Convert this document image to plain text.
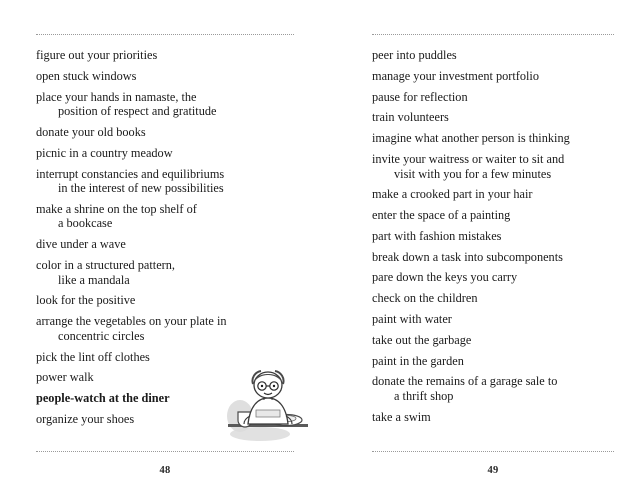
figure out your priorities
open stuck windows
place your hands in namaste, the
position of respect and gratitude
donate your old books
picnic in a country meadow
interrupt constancies and equilibriums
in the interest of new possibilities
make a shrine on the top shelf of
a bookcase
dive under a wave
color in a structured pattern,
like a mandala
look for the positive
arrange the vegetables on your plate in
concentric circles
pick the lint off clothes
power walk
people-watch at the diner
organize your shoes
48
peer into puddles
manage your investment portfolio
pause for reflection
train volunteers
imagine what another person is thinking
invite your waitress or waiter to sit and
visit with you for a few minutes
make a crooked part in your hair
enter the space of a painting
part with fashion mistakes
break down a task into subcomponents
pare down the keys you carry
check on the children
paint with water
take out the garbage
paint in the garden
donate the remains of a garage sale to
a thrift shop
take a swim
49
